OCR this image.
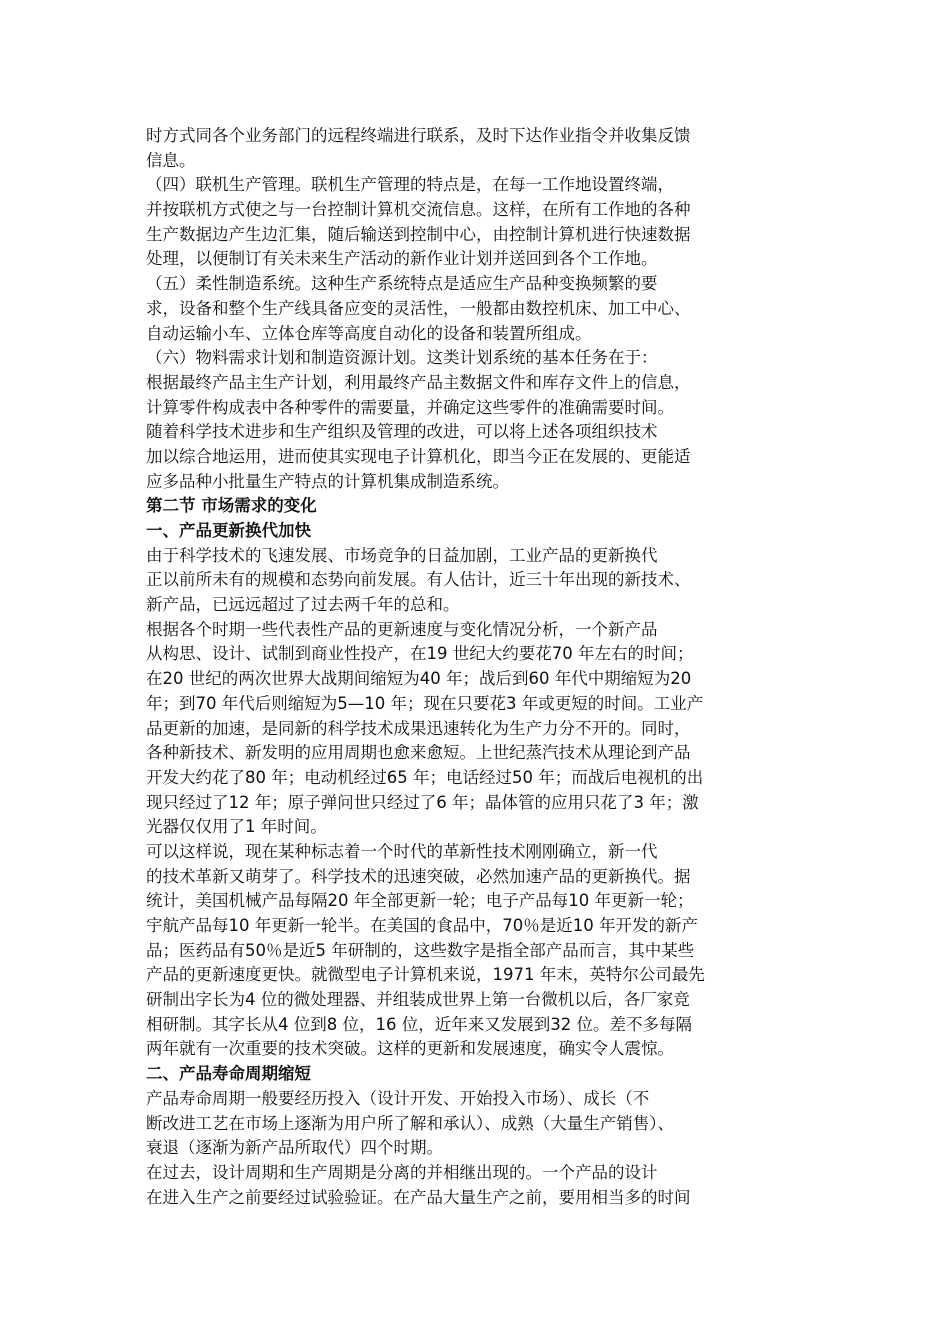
时方式同各个业务部门的远程终端进行联系，及时下达作业指令并收集反馈
信息。
（四）联机生产管理。联机生产管理的特点是，在每一工作地设置终端，
并按联机方式使之与一台控制计算机交流信息。这样，在所有工作地的各种
生产数据边产生边汇集，随后输送到控制中心，由控制计算机进行快速数据
处理，以便制订有关未来生产活动的新作业计划并送回到各个工作地。
（五）柔性制造系统。这种生产系统特点是适应生产品种变换频繁的要
求，设备和整个生产线具备应变的灵活性，一般都由数控机床、加工中心、
自动运输小车、立体仓库等高度自动化的设备和装置所组成。
（六）物料需求计划和制造资源计划。这类计划系统的基本任务在于：
根据最终产品主生产计划，利用最终产品主数据文件和库存文件上的信息，
计算零件构成表中各种零件的需要量，并确定这些零件的准确需要时间。
随着科学技术进步和生产组织及管理的改进，可以将上述各项组织技术
加以综合地运用，进而使其实现电子计算机化，即当今正在发展的、更能适
应多品种小批量生产特点的计算机集成制造系统。
第二节 市场需求的变化
一、产品更新换代加快
由于科学技术的飞速发展、市场竞争的日益加剧，工业产品的更新换代
正以前所未有的规模和态势向前发展。有人估计，近三十年出现的新技术、
新产品，已远远超过了过去两千年的总和。
根据各个时期一些代表性产品的更新速度与变化情况分析，一个新产品
从构思、设计、试制到商业性投产，在19 世纪大约要花70 年左右的时间；
在20 世纪的两次世界大战期间缩短为40 年；战后到60 年代中期缩短为20
年；到70 年代后则缩短为5—10 年；现在只要花3 年或更短的时间。工业产
品更新的加速，是同新的科学技术成果迅速转化为生产力分不开的。同时，
各种新技术、新发明的应用周期也愈来愈短。上世纪蒸汽技术从理论到产品
开发大约花了80 年；电动机经过65 年；电话经过50 年；而战后电视机的出
现只经过了12 年；原子弹问世只经过了6 年；晶体管的应用只花了3 年；激
光器仅仅用了1 年时间。
可以这样说，现在某种标志着一个时代的革新性技术刚刚确立，新一代
的技术革新又萌芽了。科学技术的迅速突破，必然加速产品的更新换代。据
统计，美国机械产品每隔20 年全部更新一轮；电子产品每10 年更新一轮；
宇航产品每10 年更新一轮半。在美国的食品中，70％是近10 年开发的新产
品；医药品有50％是近5 年研制的，这些数字是指全部产品而言，其中某些
产品的更新速度更快。就微型电子计算机来说，1971 年末，英特尔公司最先
研制出字长为4 位的微处理器、并组装成世界上第一台微机以后，各厂家竞
相研制。其字长从4 位到8 位，16 位，近年来又发展到32 位。差不多每隔
两年就有一次重要的技术突破。这样的更新和发展速度，确实令人震惊。
二、产品寿命周期缩短
产品寿命周期一般要经历投入（设计开发、开始投入市场）、成长（不
断改进工艺在市场上逐渐为用户所了解和承认）、成熟（大量生产销售）、
衰退（逐渐为新产品所取代）四个时期。
在过去，设计周期和生产周期是分离的并相继出现的。一个产品的设计
在进入生产之前要经过试验验证。在产品大量生产之前，要用相当多的时间
